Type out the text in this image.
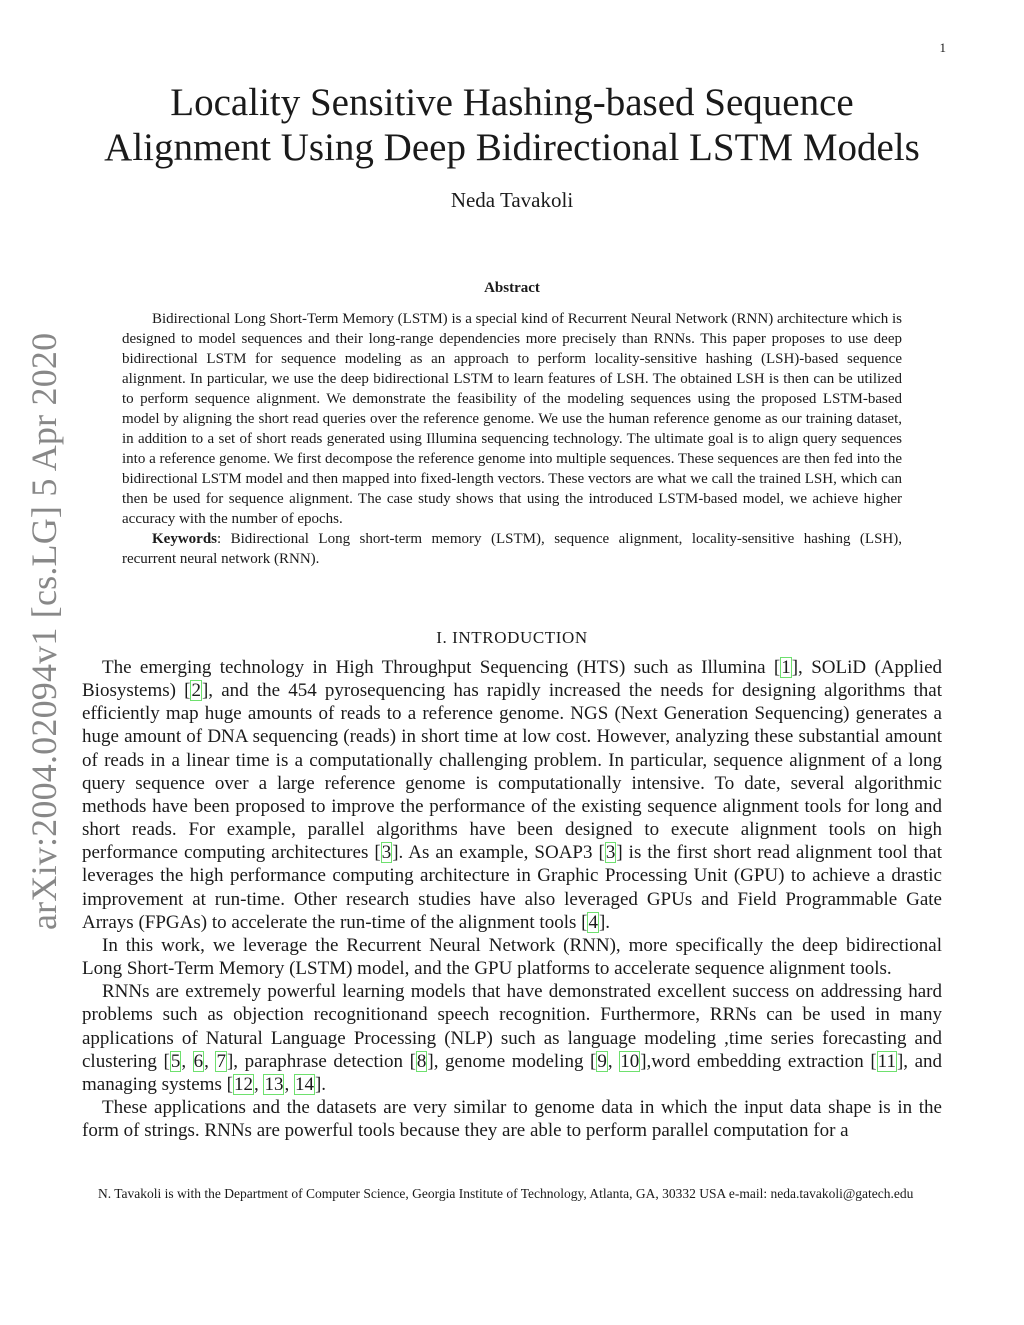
1
arXiv:2004.02094v1 [cs.LG] 5 Apr 2020
Locality Sensitive Hashing-based Sequence
Alignment Using Deep Bidirectional LSTM Models
Neda Tavakoli
Abstract

Bidirectional Long Short-Term Memory (LSTM) is a special kind of Recurrent Neural Network (RNN) architecture which is designed to model sequences and their long-range dependencies more precisely than RNNs. This paper proposes to use deep bidirectional LSTM for sequence modeling as an approach to perform locality-sensitive hashing (LSH)-based sequence alignment. In particular, we use the deep bidirectional LSTM to learn features of LSH. The obtained LSH is then can be utilized to perform sequence alignment. We demonstrate the feasibility of the modeling sequences using the proposed LSTM-based model by aligning the short read queries over the reference genome. We use the human reference genome as our training dataset, in addition to a set of short reads generated using Illumina sequencing technology. The ultimate goal is to align query sequences into a reference genome. We first decompose the reference genome into multiple sequences. These sequences are then fed into the bidirectional LSTM model and then mapped into fixed-length vectors. These vectors are what we call the trained LSH, which can then be used for sequence alignment. The case study shows that using the introduced LSTM-based model, we achieve higher accuracy with the number of epochs.

Keywords: Bidirectional Long short-term memory (LSTM), sequence alignment, locality-sensitive hashing (LSH), recurrent neural network (RNN).

I. INTRODUCTION

The emerging technology in High Throughput Sequencing (HTS) such as Illumina [1], SOLiD (Applied Biosystems) [2], and the 454 pyrosequencing has rapidly increased the needs for designing algorithms that efficiently map huge amounts of reads to a reference genome. NGS (Next Generation Sequencing) generates a huge amount of DNA sequencing (reads) in short time at low cost. However, analyzing these substantial amount of reads in a linear time is a computationally challenging problem. In particular, sequence alignment of a long query sequence over a large reference genome is computationally intensive. To date, several algorithmic methods have been proposed to improve the performance of the existing sequence alignment tools for long and short reads. For example, parallel algorithms have been designed to execute alignment tools on high performance computing architectures [3]. As an example, SOAP3 [3] is the first short read alignment tool that leverages the high performance computing architecture in Graphic Processing Unit (GPU) to achieve a drastic improvement at run-time. Other research studies have also leveraged GPUs and Field Programmable Gate Arrays (FPGAs) to accelerate the run-time of the alignment tools [4].

In this work, we leverage the Recurrent Neural Network (RNN), more specifically the deep bidirectional Long Short-Term Memory (LSTM) model, and the GPU platforms to accelerate sequence alignment tools.

RNNs are extremely powerful learning models that have demonstrated excellent success on addressing hard problems such as objection recognitionand speech recognition. Furthermore, RRNs can be used in many applications of Natural Language Processing (NLP) such as language modeling ,time series forecasting and clustering [5, 6, 7], paraphrase detection [8], genome modeling [9, 10],word embedding extraction [11], and managing systems [12, 13, 14].

These applications and the datasets are very similar to genome data in which the input data shape is in the form of strings. RNNs are powerful tools because they are able to perform parallel computation for a

N. Tavakoli is with the Department of Computer Science, Georgia Institute of Technology, Atlanta, GA, 30332 USA e-mail: neda.tavakoli@gatech.edu
